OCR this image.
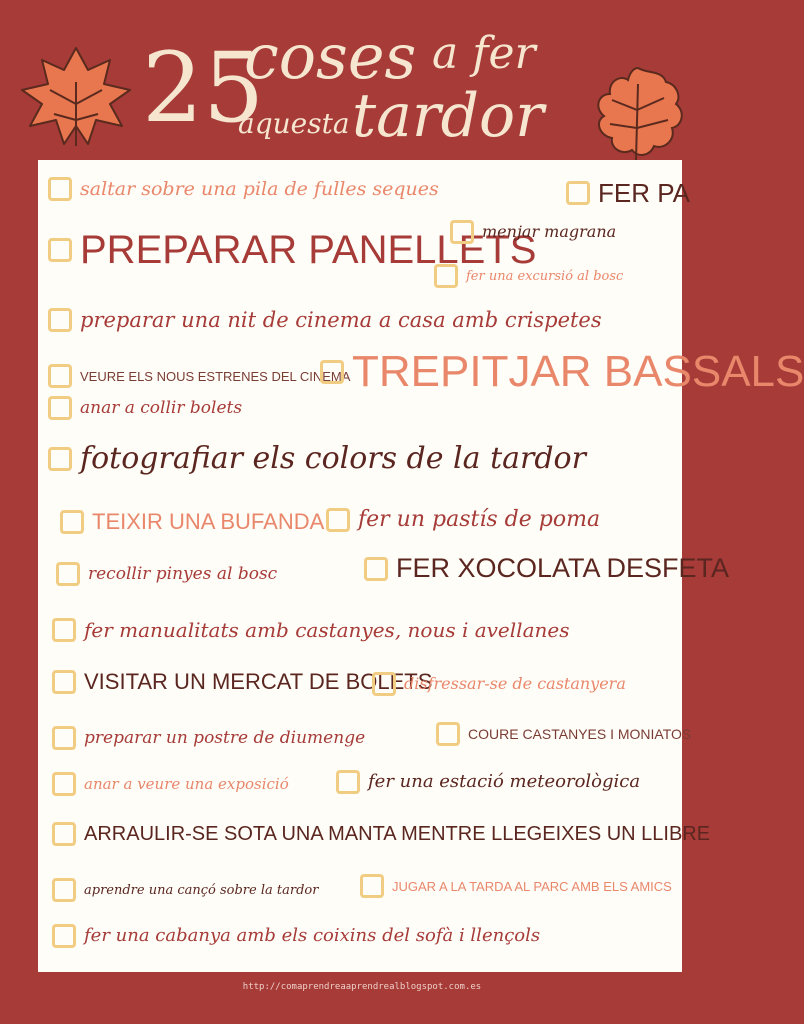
25
coses a fer
aquesta tardor
saltar sobre una pila de fulles seques	FER PA
PREPARAR PANELLETS
menjar magrana
fer una excursió al bosc
preparar una nit de cinema a casa amb crispetes
VEURE ELS NOUS ESTRENES DEL CINEMA TREPITJAR BASSALS
anar a collir bolets
fotografiar els colors de la tardor
TEIXIR UNA BUFANDA fer un pastís de poma
recollir pinyes al bosc	FER XOCOLATA DESFETA
fer manualitats amb castanyes, nous i avellanes
VISITAR UN MERCAT DE BOLETS
disfressar-se de castanyera
preparar un postre de diumenge	COURE CASTANYES I MONIATOS
anar a veure una exposició	fer una estació meteorològica
ARRAULIR-SE SOTA UNA MANTA MENTRE LLEGEIXES UN LLIBRE
aprendre una cançó sobre la tardor	JUGAR A LA TARDA AL PARC AMB ELS AMICS
fer una cabanya amb els coixins del sofà i llençols
http://comaprendreaaprendrealblogspot.com.es
